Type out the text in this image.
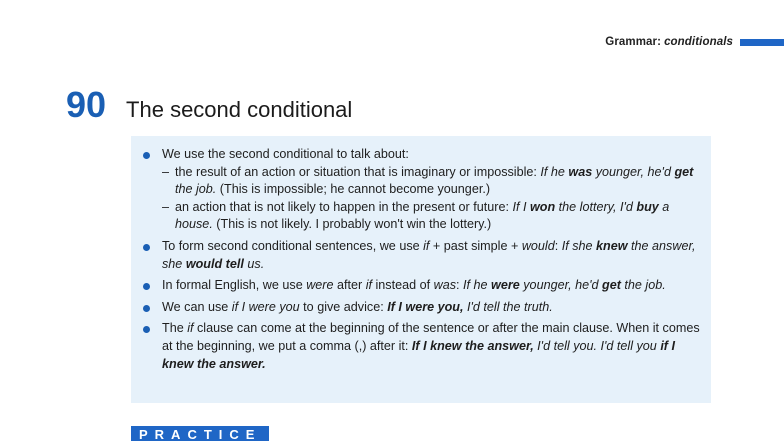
Grammar: conditionals
90 The second conditional
We use the second conditional to talk about:
– the result of an action or situation that is imaginary or impossible: If he was younger, he'd get the job. (This is impossible; he cannot become younger.)
– an action that is not likely to happen in the present or future: If I won the lottery, I'd buy a house. (This is not likely. I probably won't win the lottery.)
To form second conditional sentences, we use if + past simple + would: If she knew the answer, she would tell us.
In formal English, we use were after if instead of was: If he were younger, he'd get the job.
We can use if I were you to give advice: If I were you, I'd tell the truth.
The if clause can come at the beginning of the sentence or after the main clause. When it comes at the beginning, we put a comma (,) after it: If I knew the answer, I'd tell you. I'd tell you if I knew the answer.
PRACTICE
